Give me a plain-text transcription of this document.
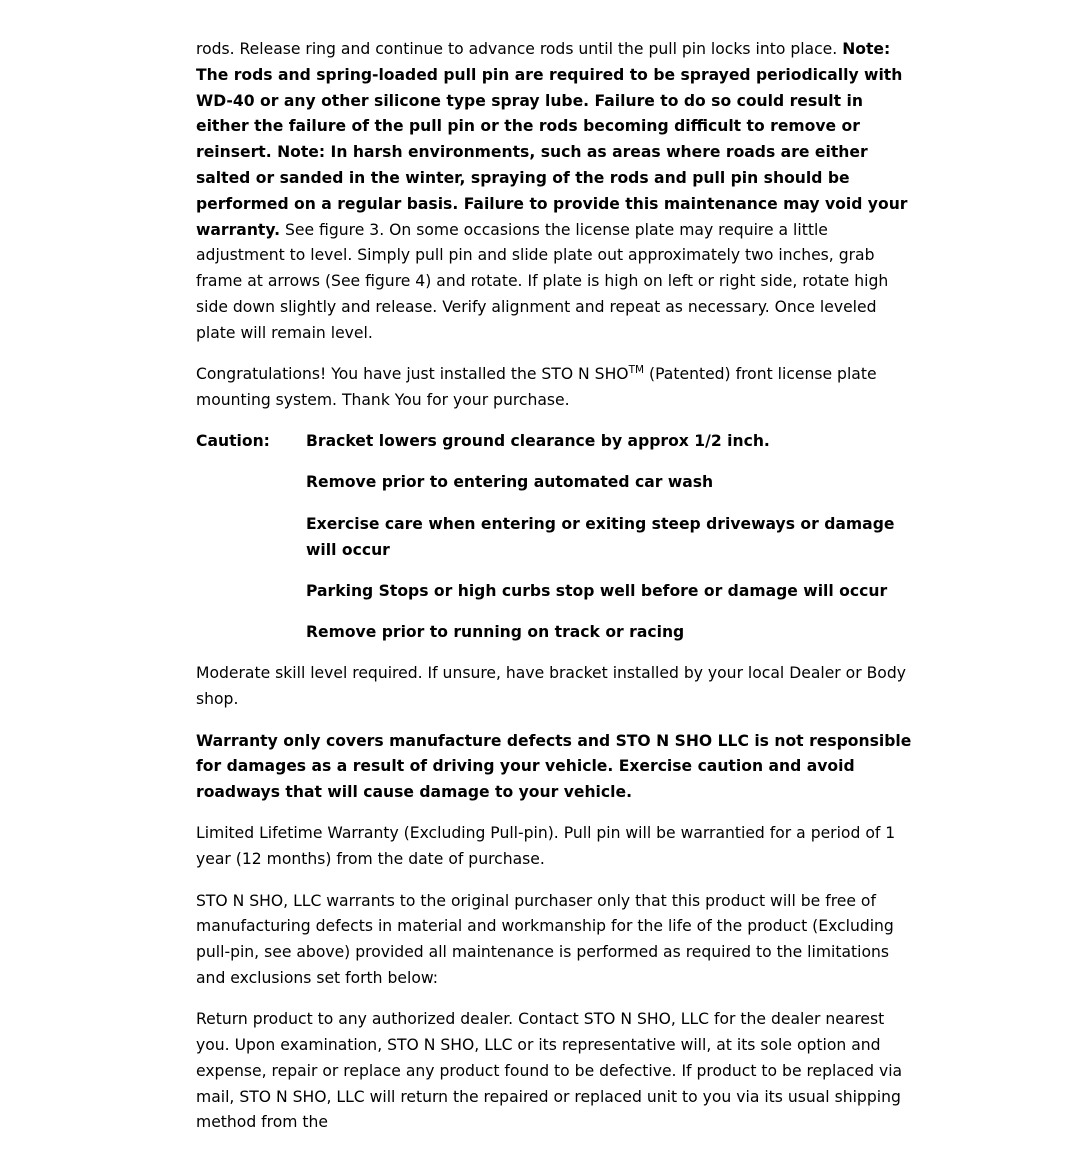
rods. Release ring and continue to advance rods until the pull pin locks into place. Note: The rods and spring-loaded pull pin are required to be sprayed periodically with WD-40 or any other silicone type spray lube. Failure to do so could result in either the failure of the pull pin or the rods becoming difficult to remove or reinsert. Note: In harsh environments, such as areas where roads are either salted or sanded in the winter, spraying of the rods and pull pin should be performed on a regular basis. Failure to provide this maintenance may void your warranty. See figure 3. On some occasions the license plate may require a little adjustment to level. Simply pull pin and slide plate out approximately two inches, grab frame at arrows (See figure 4) and rotate. If plate is high on left or right side, rotate high side down slightly and release. Verify alignment and repeat as necessary. Once leveled plate will remain level.

Congratulations! You have just installed the STO N SHO™ (Patented) front license plate mounting system. Thank You for your purchase.

Caution:	Bracket lowers ground clearance by approx 1/2 inch.
Remove prior to entering automated car wash
Exercise care when entering or exiting steep driveways or damage will occur
Parking Stops or high curbs stop well before or damage will occur
Remove prior to running on track or racing

Moderate skill level required. If unsure, have bracket installed by your local Dealer or Body shop.

Warranty only covers manufacture defects and STO N SHO LLC is not responsible for damages as a result of driving your vehicle. Exercise caution and avoid roadways that will cause damage to your vehicle.

Limited Lifetime Warranty (Excluding Pull-pin). Pull pin will be warrantied for a period of 1 year (12 months) from the date of purchase.

STO N SHO, LLC warrants to the original purchaser only that this product will be free of manufacturing defects in material and workmanship for the life of the product (Excluding pull-pin, see above) provided all maintenance is performed as required to the limitations and exclusions set forth below:

Return product to any authorized dealer. Contact STO N SHO, LLC for the dealer nearest you. Upon examination, STO N SHO, LLC or its representative will, at its sole option and expense, repair or replace any product found to be defective. If product to be replaced via mail, STO N SHO, LLC will return the repaired or replaced unit to you via its usual shipping method from the
